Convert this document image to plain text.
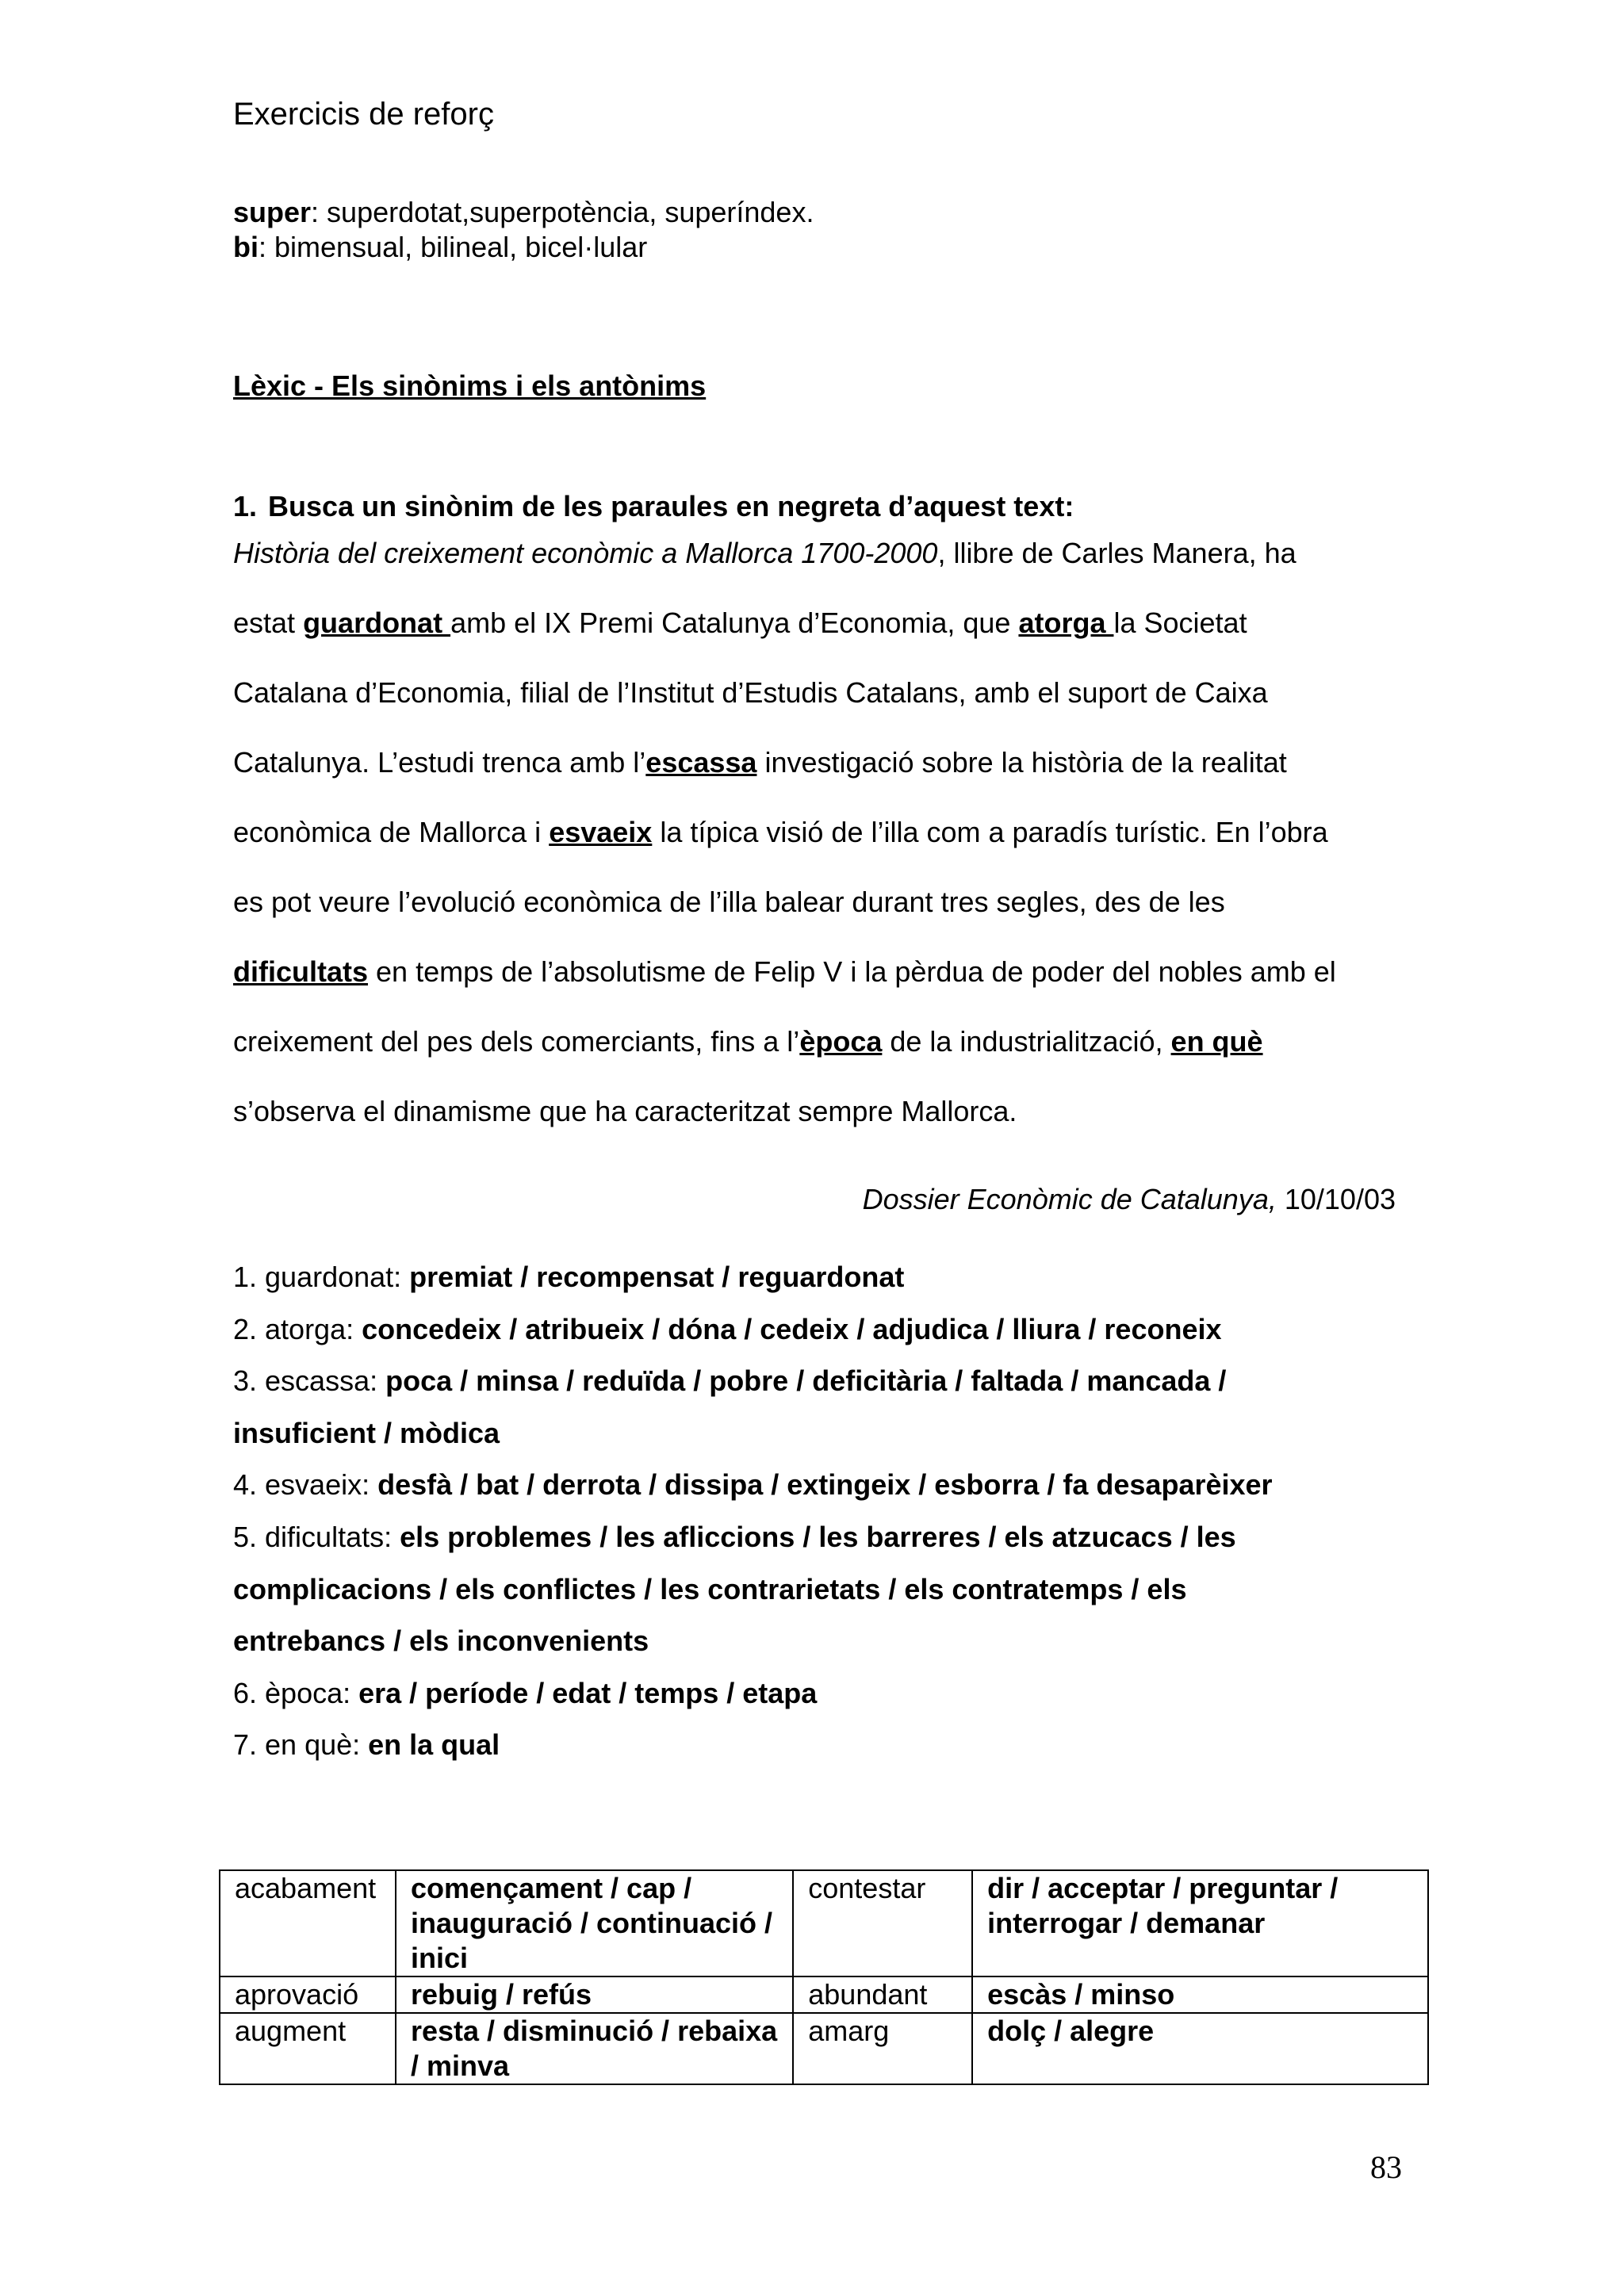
Exercicis de reforç
super: superdotat,superpotència, superíndex.
bi: bimensual, bilineal, bicel·lular
Lèxic - Els sinònims i els antònims
1. Busca un sinònim de les paraules en negreta d’aquest text:
Història del creixement econòmic a Mallorca 1700-2000, llibre de Carles Manera, ha
estat guardonat amb el IX Premi Catalunya d’Economia, que atorga la Societat
Catalana d’Economia, filial de l’Institut d’Estudis Catalans, amb el suport de Caixa
Catalunya. L’estudi trenca amb l’escassa investigació sobre la història de la realitat
econòmica de Mallorca i esvaeix la típica visió de l’illa com a paradís turístic. En l’obra
es pot veure l’evolució econòmica de l’illa balear durant tres segles, des de les
dificultats en temps de l’absolutisme de Felip V i la pèrdua de poder del nobles amb el
creixement del pes dels comerciants, fins a l’època de la industrialització, en què
s’observa el dinamisme que ha caracteritzat sempre Mallorca.
Dossier Econòmic de Catalunya, 10/10/03
1. guardonat: premiat / recompensat / reguardonat
2. atorga: concedeix / atribueix / dóna / cedeix / adjudica / lliura / reconeix
3. escassa: poca / minsa / reduïda / pobre / deficitària / faltada / mancada /
insuficient / mòdica
4. esvaeix: desfà / bat / derrota / dissipa / extingeix / esborra / fa desaparèixer
5. dificultats: els problemes / les afliccions / les barreres / els atzucacs / les
complicacions / els conflictes / les contrarietats / els contratemps / els
entrebancs / els inconvenients
6. època: era / període / edat / temps / etapa
7. en què: en la qual
acabament	començament / cap / inauguració / continuació / inici	contestar	dir / acceptar / preguntar / interrogar / demanar
aprovació	rebuig / refús	abundant	escàs / minso
augment	resta / disminució / rebaixa / minva	amarg	dolç / alegre
83
